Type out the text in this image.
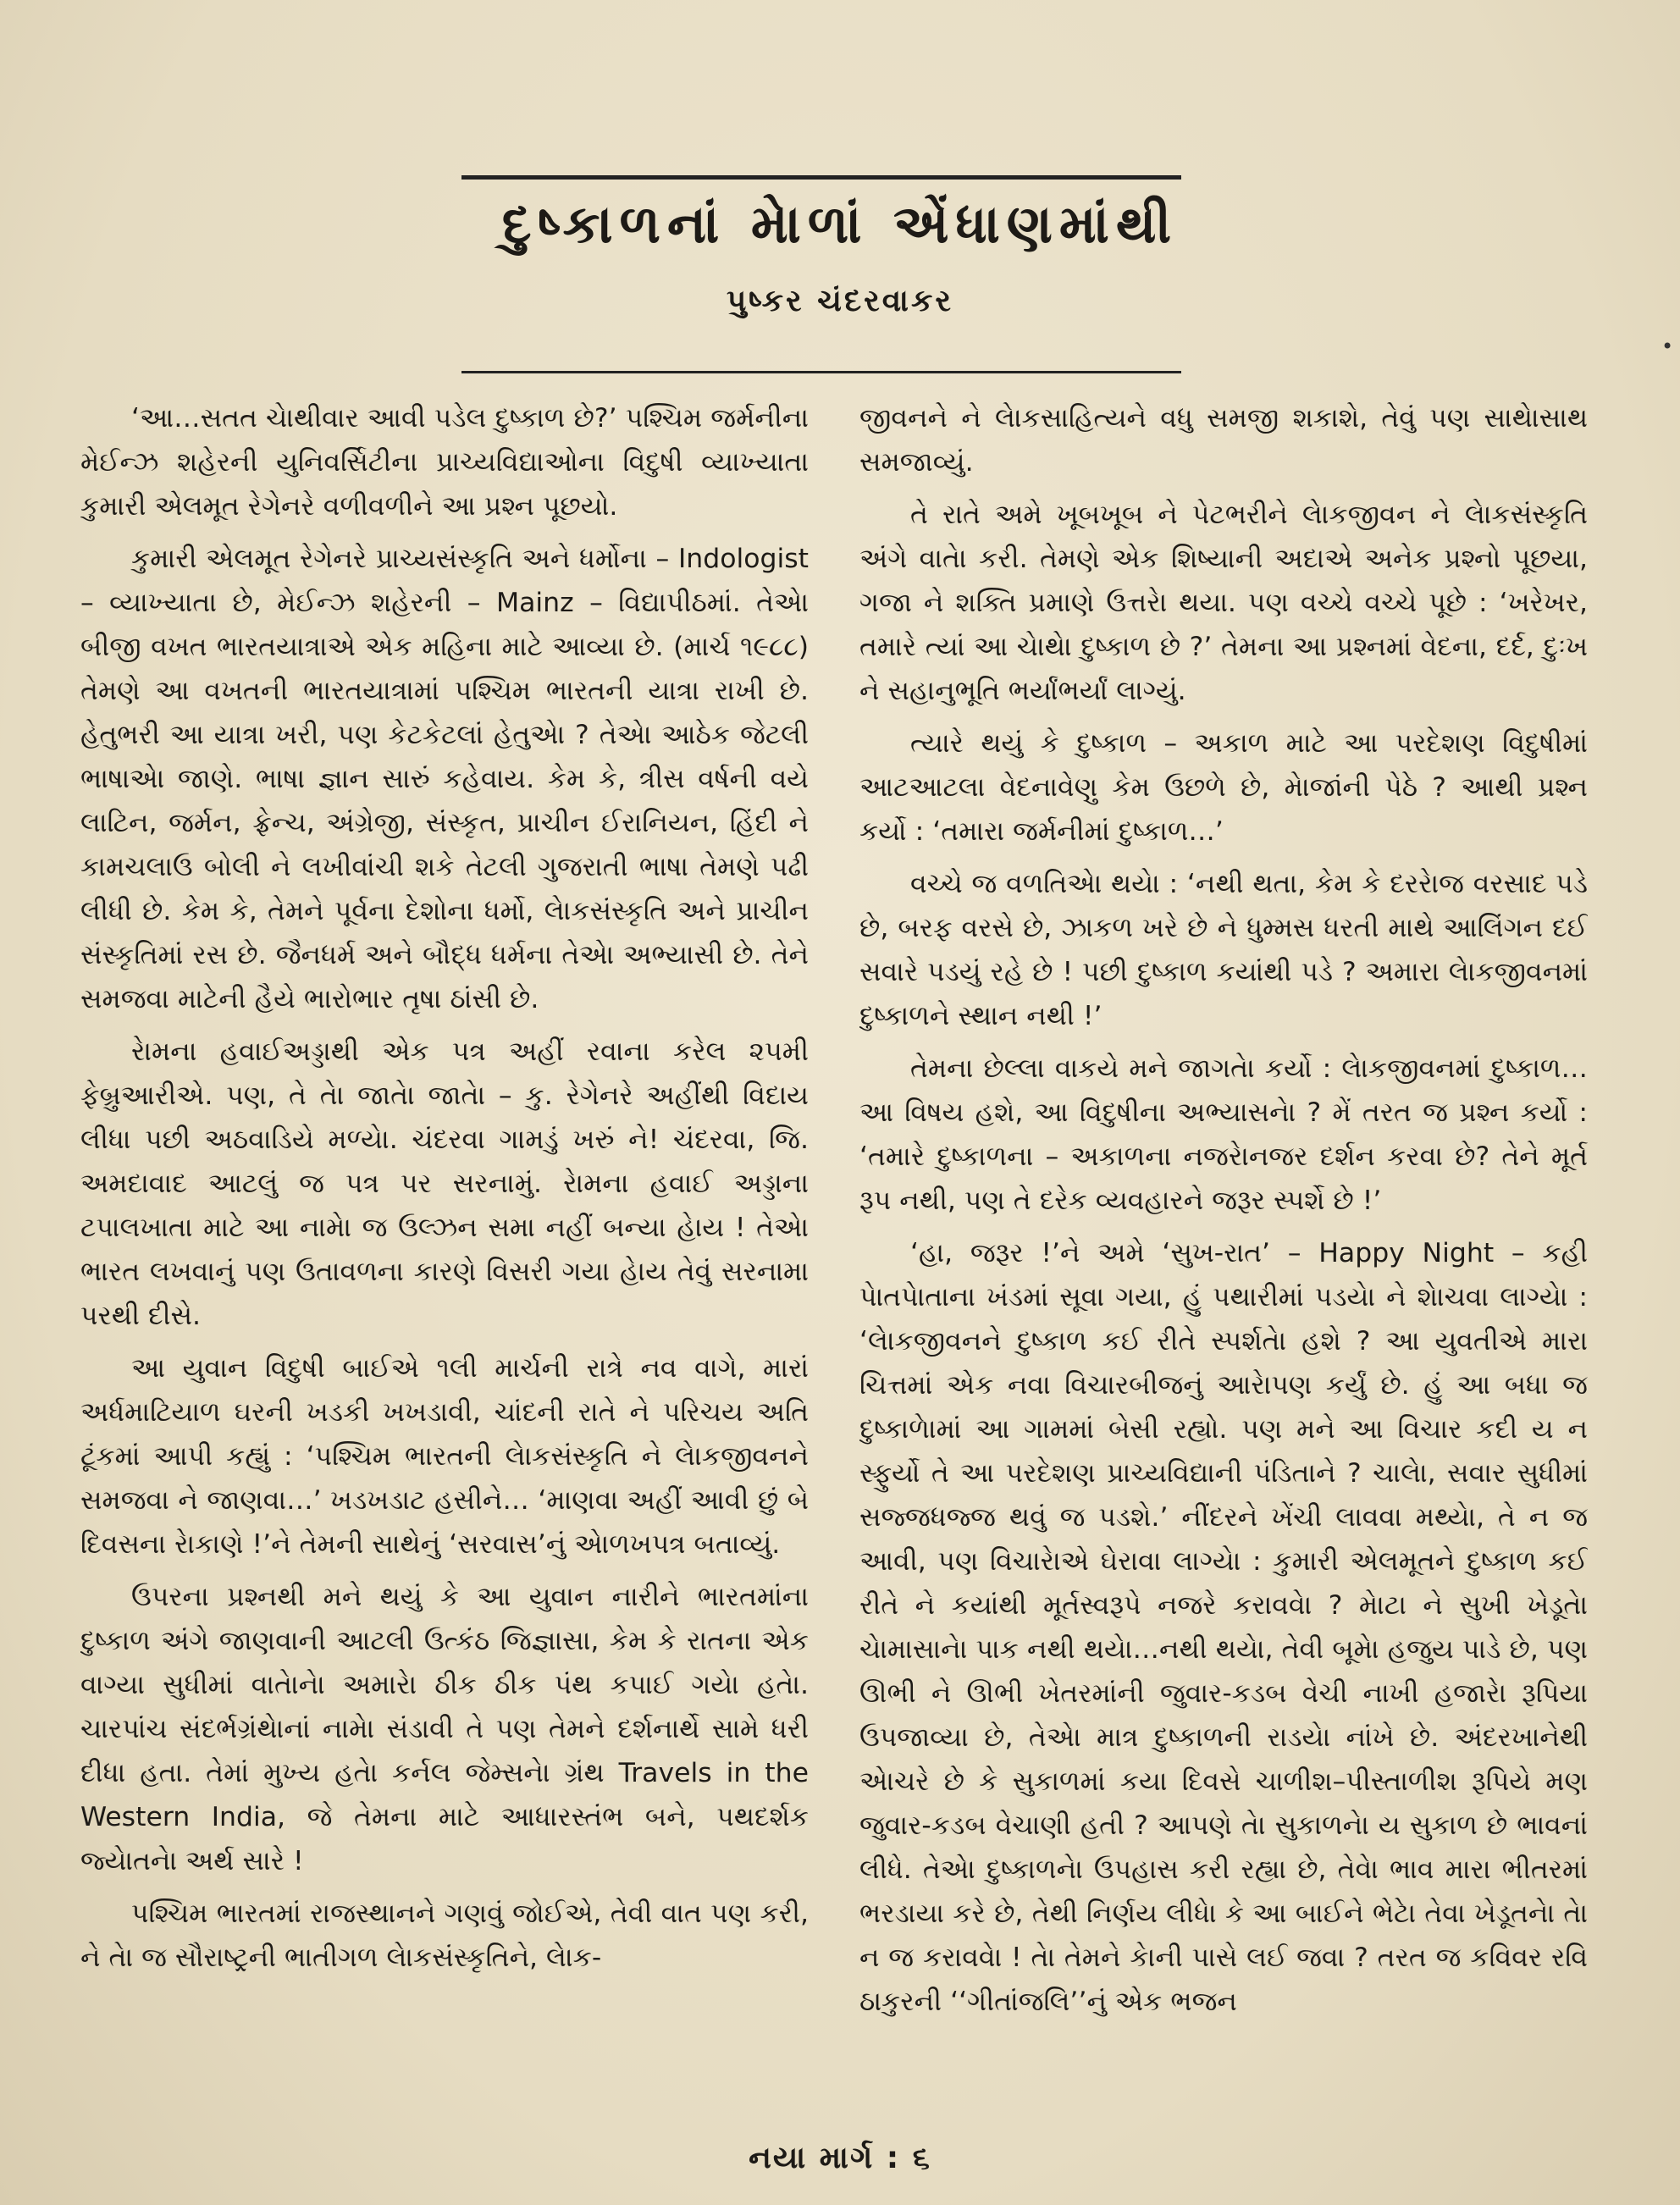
દુષ્કાળનાં મેાળાં એંધાણમાંથી
પુષ્કર ચંદરવાકર
•

‘આ…સતત ચેાથીવાર આવી પડેલ દુષ્કાળ છે?’ પશ્ચિમ જર્મનીના મેઈન્ઝ શહેરની યુનિવર્સિટીના પ્રાચ્યવિદ્યાઓના વિદુષી વ્યાખ્યાતા કુમારી એલમૂત રેગેનરે વળીવળીને આ પ્રશ્ન પૂછયો.

કુમારી એલમૂત રેગેનરે પ્રાચ્યસંસ્કૃતિ અને ધર્મોના – Indologist – વ્યાખ્યાતા છે, મેઈન્ઝ શહેરની – Mainz – વિદ્યાપીઠમાં. તેએા બીજી વખત ભારતયાત્રાએ એક મહિના માટે આવ્યા છે. (માર્ચ ૧૯૮૮) તેમણે આ વખતની ભારતયાત્રામાં પશ્ચિમ ભારતની યાત્રા રાખી છે. હેતુભરી આ યાત્રા ખરી, પણ કેટકેટલાં હેતુએા ? તેએા આઠેક જેટલી ભાષાએા જાણે. ભાષા જ્ઞાન સારું કહેવાય. કેમ કે, ત્રીસ વર્ષની વયે લાટિન, જર્મન, ફ્રેન્ચ, અંગ્રેજી, સંસ્કૃત, પ્રાચીન ઈરાનિયન, હિંદી ને કામચલાઉ બોલી ને લખીવાંચી શકે તેટલી ગુજરાતી ભાષા તેમણે પઢી લીધી છે. કેમ કે, તેમને પૂર્વના દેશોના ધર્મો, લેાકસંસ્કૃતિ અને પ્રાચીન સંસ્કૃતિમાં રસ છે. જૈનધર્મ અને બૌદ્ધ ધર્મના તેએા અભ્યાસી છે. તેને સમજવા માટેની હૈયે ભારોભાર તૃષા ઠાંસી છે.

રેામના હવાઈઅડ્ડાથી એક પત્ર અહીં રવાના કરેલ ૨૫મી ફેબ્રુઆરીએ. પણ, તે તેા જાતેા જાતેા – કુ. રેગેનરે અહીંથી વિદાય લીધા પછી અઠવાડિયે મળ્યેા. ચંદરવા ગામડું ખરું ને! ચંદરવા, જિ. અમદાવાદ આટલું જ પત્ર પર સરનામું. રેામના હવાઈ અડ્ડાના ટપાલખાતા માટે આ નામેા જ ઉલ્ઝન સમા નહીં બન્યા હેાય ! તેએા ભારત લખવાનું પણ ઉતાવળના કારણે વિસરી ગયા હેાય તેવું સરનામા પરથી દીસે.

આ યુવાન વિદુષી બાઈએ ૧લી માર્ચની રાત્રે નવ વાગે, મારાં અર્ધમાટિયાળ ઘરની ખડકી ખખડાવી, ચાંદની રાતે ને પરિચય અતિ ટૂંકમાં આપી કહ્યું : ‘પશ્ચિમ ભારતની લેાકસંસ્કૃતિ ને લેાકજીવનને સમજવા ને જાણવા…’ ખડખડાટ હસીને… ‘માણવા અહીં આવી છું બે દિવસના રેાકાણે !’ને તેમની સાથેનું ‘સરવાસ’નું એાળખપત્ર બતાવ્યું.

ઉપરના પ્રશ્નથી મને થયું કે આ યુવાન નારીને ભારતમાંના દુષ્કાળ અંગે જાણવાની આટલી ઉત્કંઠ જિજ્ઞાસા, કેમ કે રાતના એક વાગ્યા સુધીમાં વાતેાનેા અમારેા ઠીક ઠીક પંથ કપાઈ ગયેા હતેા. ચારપાંચ સંદર્ભગ્રંથેાનાં નામેા સંડાવી તે પણ તેમને દર્શનાર્થે સામે ધરી દીધા હતા. તેમાં મુખ્ય હતેા કર્નલ જેમ્સનેા ગ્રંથ Travels in the Western India, જે તેમના માટે આધારસ્તંભ બને, પથદર્શક જ્યેાતનેા અર્થ સારે !

પશ્ચિમ ભારતમાં રાજસ્થાનને ગણવું જોઈએ, તેવી વાત પણ કરી, ને તેા જ સૌરાષ્ટ્રની ભાતીગળ લેાકસંસ્કૃતિને, લેાક-

જીવનને ને લેાકસાહિત્યને વધુ સમજી શકાશે, તેવું પણ સાથેાસાથ સમજાવ્યું.

તે રાતે અમે ખૂબખૂબ ને પેટભરીને લેાકજીવન ને લેાકસંસ્કૃતિ અંગે વાતેા કરી. તેમણે એક શિષ્યાની અદાએ અનેક પ્રશ્નો પૂછયા, ગજા ને શક્તિ પ્રમાણે ઉત્તરેા થયા. પણ વચ્ચે વચ્ચે પૂછે : ‘ખરેખર, તમારે ત્યાં આ ચેાથેા દુષ્કાળ છે ?’ તેમના આ પ્રશ્નમાં વેદના, દર્દ, દુઃખ ને સહાનુભૂતિ ભર્યાંભર્યાં લાગ્યું.

ત્યારે થયું કે દુષ્કાળ – અકાળ માટે આ પરદેશણ વિદુષીમાં આટઆટલા વેદનાવેણુ કેમ ઉછળે છે, મેાજાંની પેઠે ? આથી પ્રશ્ન કર્યો : ‘તમારા જર્મનીમાં દુષ્કાળ…’

વચ્ચે જ વળતિએા થયેા : ‘નથી થતા, કેમ કે દરરેાજ વરસાદ પડે છે, બરફ વરસે છે, ઝાકળ ખરે છે ને ધુમ્મસ ધરતી માથે આલિંગન દઈ સવારે પડયું રહે છે ! પછી દુષ્કાળ કયાંથી પડે ? અમારા લેાકજીવનમાં દુષ્કાળને સ્થાન નથી !’

તેમના છેલ્લા વાકયે મને જાગતેા કર્યો : લેાકજીવનમાં દુષ્કાળ…આ વિષય હશે, આ વિદુષીના અભ્યાસનેા ? મેં તરત જ પ્રશ્ન કર્યો : ‘તમારે દુષ્કાળના – અકાળના નજરેાનજર દર્શન કરવા છે? તેને મૂર્ત રૂપ નથી, પણ તે દરેક વ્યવહારને જરૂર સ્પર્શે છે !’

‘હા, જરૂર !’ને અમે ‘સુખ-રાત’ – Happy Night – કહી પેાતપેાતાના ખંડમાં સૂવા ગયા, હું પથારીમાં પડયેા ને શેાચવા લાગ્યેા : ‘લેાકજીવનને દુષ્કાળ કઈ રીતે સ્પર્શતેા હશે ? આ યુવતીએ મારા ચિત્તમાં એક નવા વિચારબીજનું આરેાપણ કર્યું છે. હું આ બધા જ દુષ્કાળેામાં આ ગામમાં બેસી રહ્યો. પણ મને આ વિચાર કદી ય ન સ્ફુર્યો તે આ પરદેશણ પ્રાચ્યવિદ્યાની પંડિતાને ? ચાલેા, સવાર સુધીમાં સજ્જધજ્જ થવું જ પડશે.’ નીંદરને ખેંચી લાવવા મથ્યેા, તે ન જ આવી, પણ વિચારેાએ ઘેરાવા લાગ્યેા : કુમારી એલમૂતને દુષ્કાળ કઈ રીતે ને કયાંથી મૂર્તસ્વરૂપે નજરે કરાવવેા ? મેાટા ને સુખી ખેડૂતેા ચેામાસાનેા પાક નથી થયેા…નથી થયેા, તેવી બૂમેા હજુય પાડે છે, પણ ઊભી ને ઊભી ખેતરમાંની જુવાર-કડબ વેચી નાખી હજારેા રૂપિયા ઉપજાવ્યા છે, તેએા માત્ર દુષ્કાળની રાડયેા નાંખે છે. અંદરખાનેથી એાચરે છે કે સુકાળમાં કયા દિવસે ચાળીશ–પીસ્તાળીશ રૂપિયે મણ જુવાર-કડબ વેચાણી હતી ? આપણે તેા સુકાળનેા ય સુકાળ છે ભાવનાં લીધે. તેએા દુષ્કાળનેા ઉપહાસ કરી રહ્યા છે, તેવેા ભાવ મારા ભીતરમાં ભરડાયા કરે છે, તેથી નિર્ણય લીધેા કે આ બાઈને ભેટેા તેવા ખેડૂતનેા તેા ન જ કરાવવેા ! તેા તેમને કેાની પાસે લઈ જવા ? તરત જ કવિવર રવિ ઠાકુરની ‘‘ગીતાંજલિ’’નું એક ભજન

નયા માર્ગ : ૬
